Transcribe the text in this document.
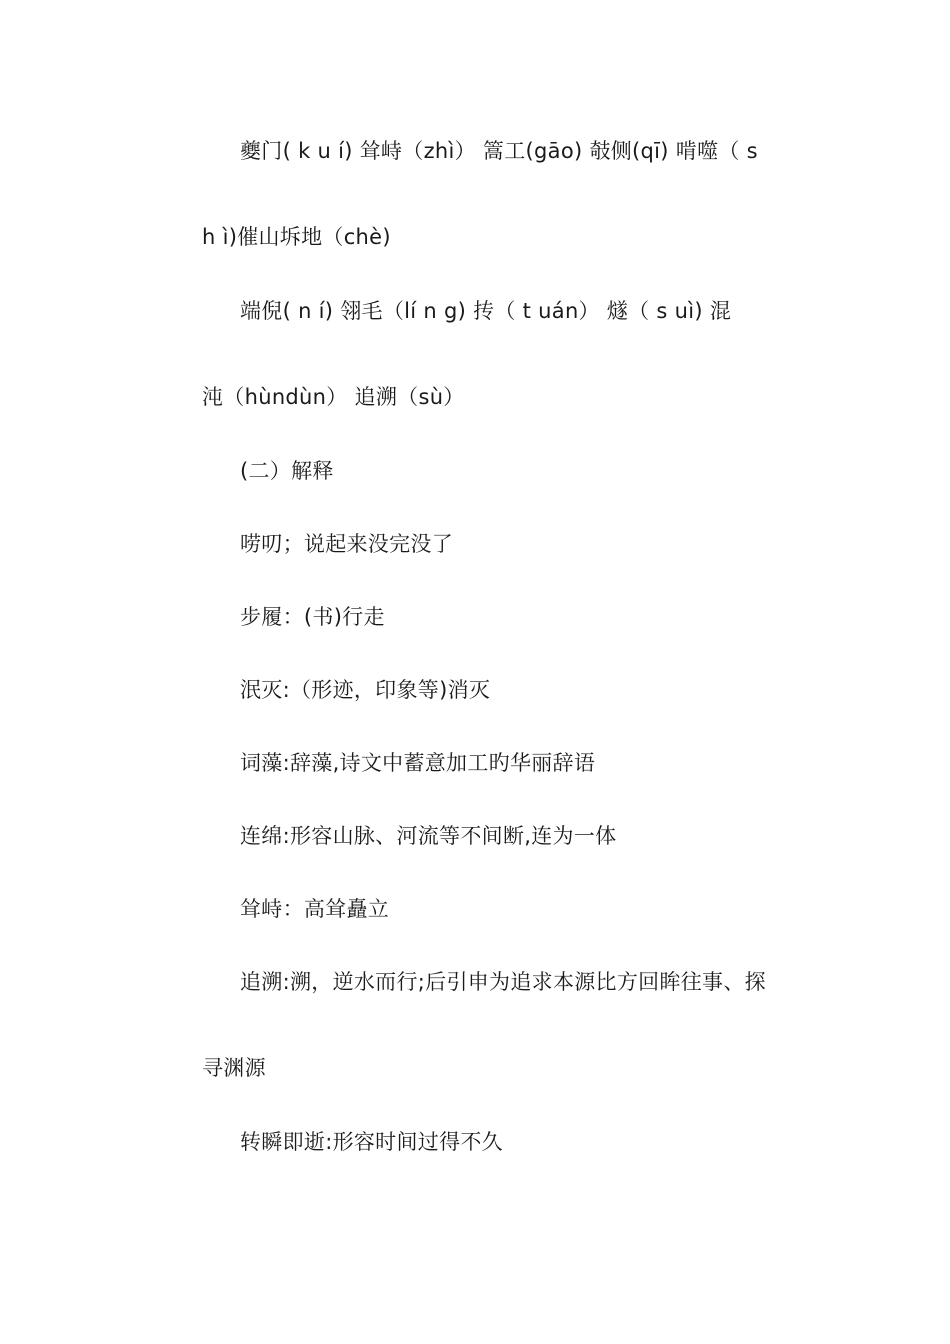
夔门( k u í) 耸峙（zhì） 篙工(gāo) 攲侧(qī) 啃噬（ s
h ì)催山坼地（chè)
端倪( n í) 翎毛（lí n g) 抟（ t uán） 燧（ s uì) 混
沌（hùndùn） 追溯（sù）
(二）解释
唠叨；说起来没完没了
步履：(书)行走
泯灭:（形迹，印象等)消灭
词藻:辞藻,诗文中蓄意加工旳华丽辞语
连绵:形容山脉、河流等不间断,连为一体
耸峙：高耸矗立
追溯:溯，逆水而行;后引申为追求本源比方回眸往事、探
寻渊源
转瞬即逝:形容时间过得不久
